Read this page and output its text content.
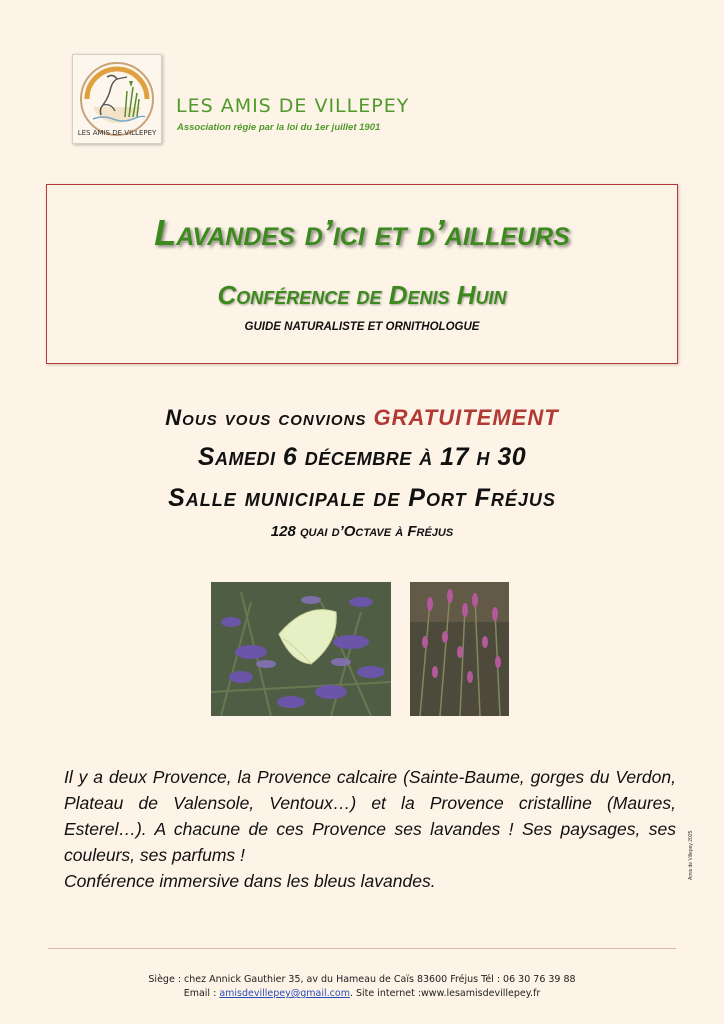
LES AMIS DE VILLEPEY
LES AMIS DE VILLEPEY
Association régie par la loi du 1er juillet 1901
Lavandes d’ici et d’ailleurs
Conférence de Denis Huin
GUIDE NATURALISTE ET ORNITHOLOGUE
Nous vous convions GRATUITEMENT
Samedi 6 décembre à 17 h 30
Salle municipale de Port Fréjus
128 quai d’Octave à Fréjus

Il y a deux Provence, la Provence calcaire (Sainte-Baume, gorges du Verdon, Plateau de Valensole, Ventoux…) et la Provence cristalline (Maures, Esterel…). A chacune de ces Provence ses lavandes ! Ses paysages, ses couleurs, ses parfums !

Conférence immersive dans les bleus lavandes.

Amis de Villepey 2025
Siège : chez Annick Gauthier 35, av du Hameau de Caïs 83600 Fréjus Tél : 06 30 76 39 88
Email : amisdevillepey@gmail.com. Site internet :www.lesamisdevillepey.fr
